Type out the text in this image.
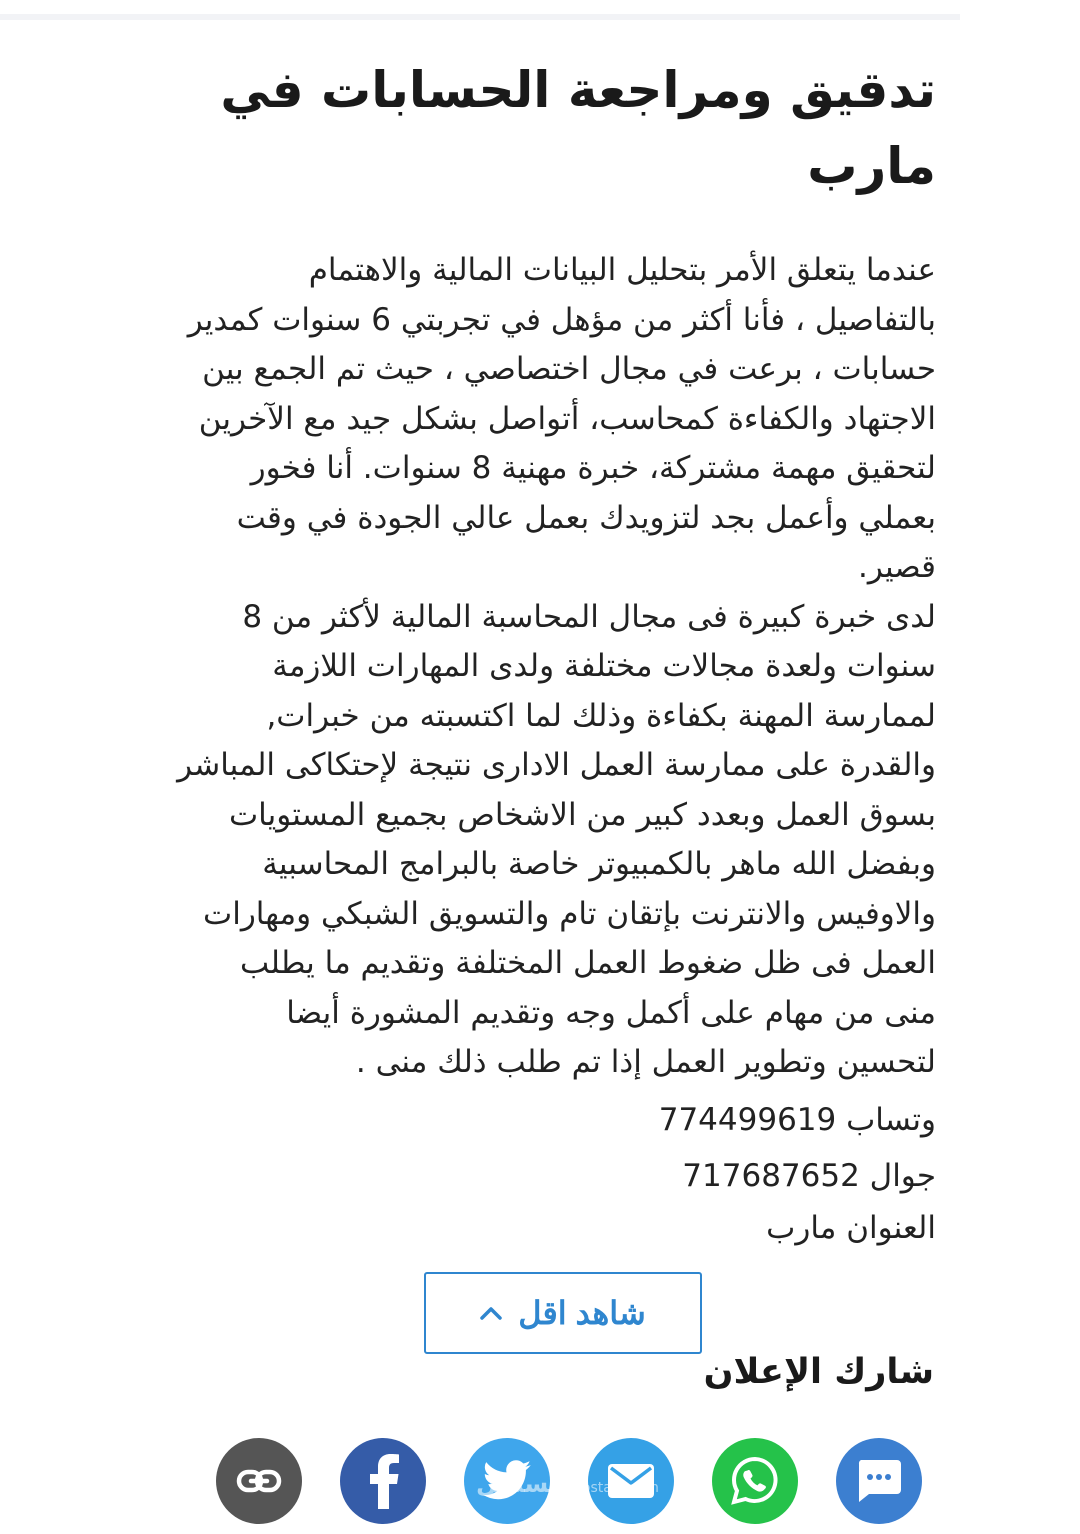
تدقيق ومراجعة الحسابات في مارب

عندما يتعلق الأمر بتحليل البيانات المالية والاهتمام

بالتفاصيل ، فأنا أكثر من مؤهل في تجربتي 6 سنوات كمدير

حسابات ، برعت في مجال اختصاصي ، حيث تم الجمع بين

الاجتهاد والكفاءة كمحاسب، أتواصل بشكل جيد مع الآخرين

لتحقيق مهمة مشتركة، خبرة مهنية 8 سنوات. أنا فخور

بعملي وأعمل بجد لتزويدك بعمل عالي الجودة في وقت

قصير.

لدى خبرة كبيرة فى مجال المحاسبة المالية لأكثر من 8

سنوات ولعدة مجالات مختلفة ولدى المهارات اللازمة

لممارسة المهنة بكفاءة وذلك لما اكتسبته من خبرات,

والقدرة على ممارسة العمل الادارى نتيجة لإحتكاكى المباشر

بسوق العمل وبعدد كبير من الاشخاص بجميع المستويات

وبفضل الله ماهر بالكمبيوتر خاصة بالبرامج المحاسبية

والاوفيس والانترنت بإتقان تام والتسويق الشبكي ومهارات

العمل فى ظل ضغوط العمل المختلفة وتقديم ما يطلب

منى من مهام على أكمل وجه وتقديم المشورة أيضا

لتحسين وتطوير العمل إذا تم طلب ذلك منى .

وتساب 774499619
جوال 717687652
العنوان مارب
شاهد اقل
شارك الإعلان
مستقل mostaql.com
